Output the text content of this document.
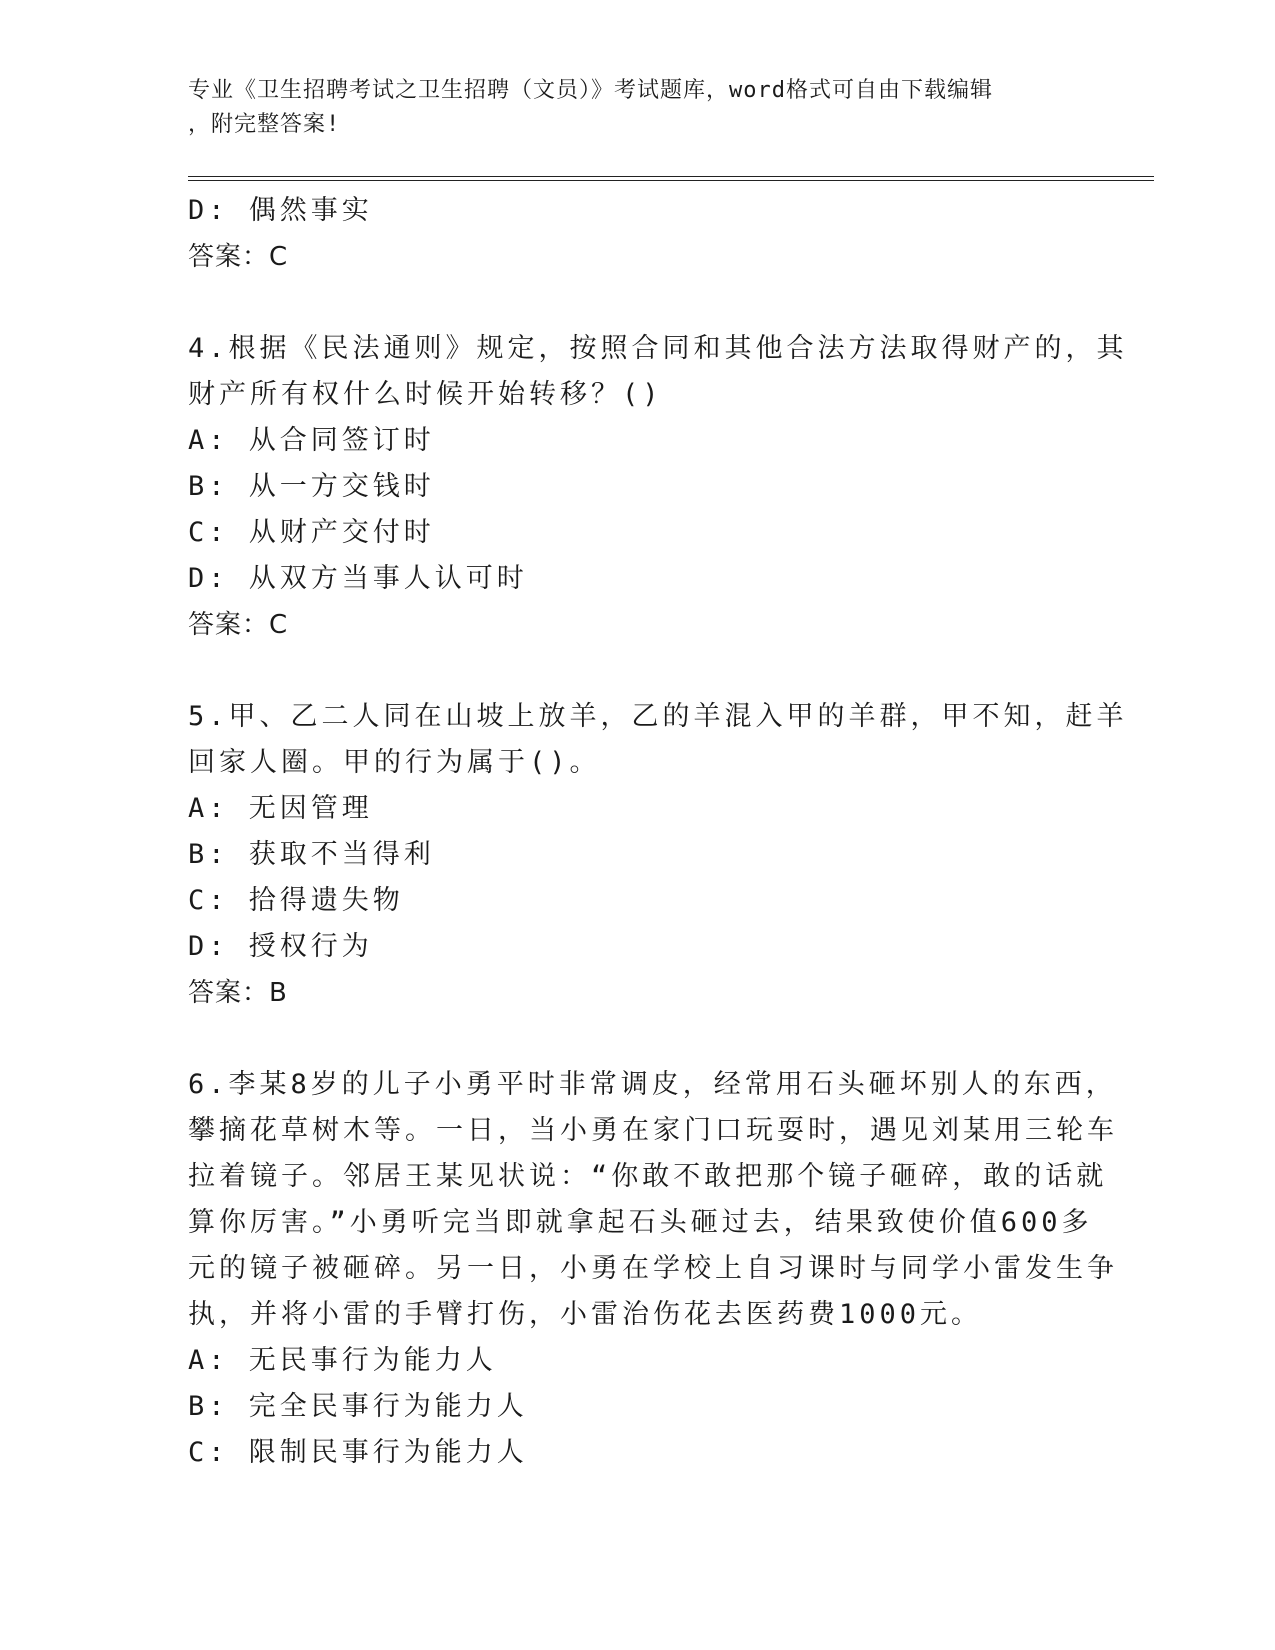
专业《卫生招聘考试之卫生招聘（文员）》考试题库，word格式可自由下载编辑
，附完整答案!
D: 偶然事实
答案：C
4.根据《民法通则》规定，按照合同和其他合法方法取得财产的，其
财产所有权什么时候开始转移？()
A: 从合同签订时
B: 从一方交钱时
C: 从财产交付时
D: 从双方当事人认可时
答案：C
5.甲、乙二人同在山坡上放羊，乙的羊混入甲的羊群，甲不知，赶羊
回家人圈。甲的行为属于()。
A: 无因管理
B: 获取不当得利
C: 拾得遗失物
D: 授权行为
答案：B
6.李某8岁的儿子小勇平时非常调皮，经常用石头砸坏别人的东西，
攀摘花草树木等。一日，当小勇在家门口玩耍时，遇见刘某用三轮车
拉着镜子。邻居王某见状说：“你敢不敢把那个镜子砸碎，敢的话就
算你厉害。”小勇听完当即就拿起石头砸过去，结果致使价值600多
元的镜子被砸碎。另一日，小勇在学校上自习课时与同学小雷发生争
执，并将小雷的手臂打伤，小雷治伤花去医药费1000元。
A: 无民事行为能力人
B: 完全民事行为能力人
C: 限制民事行为能力人
